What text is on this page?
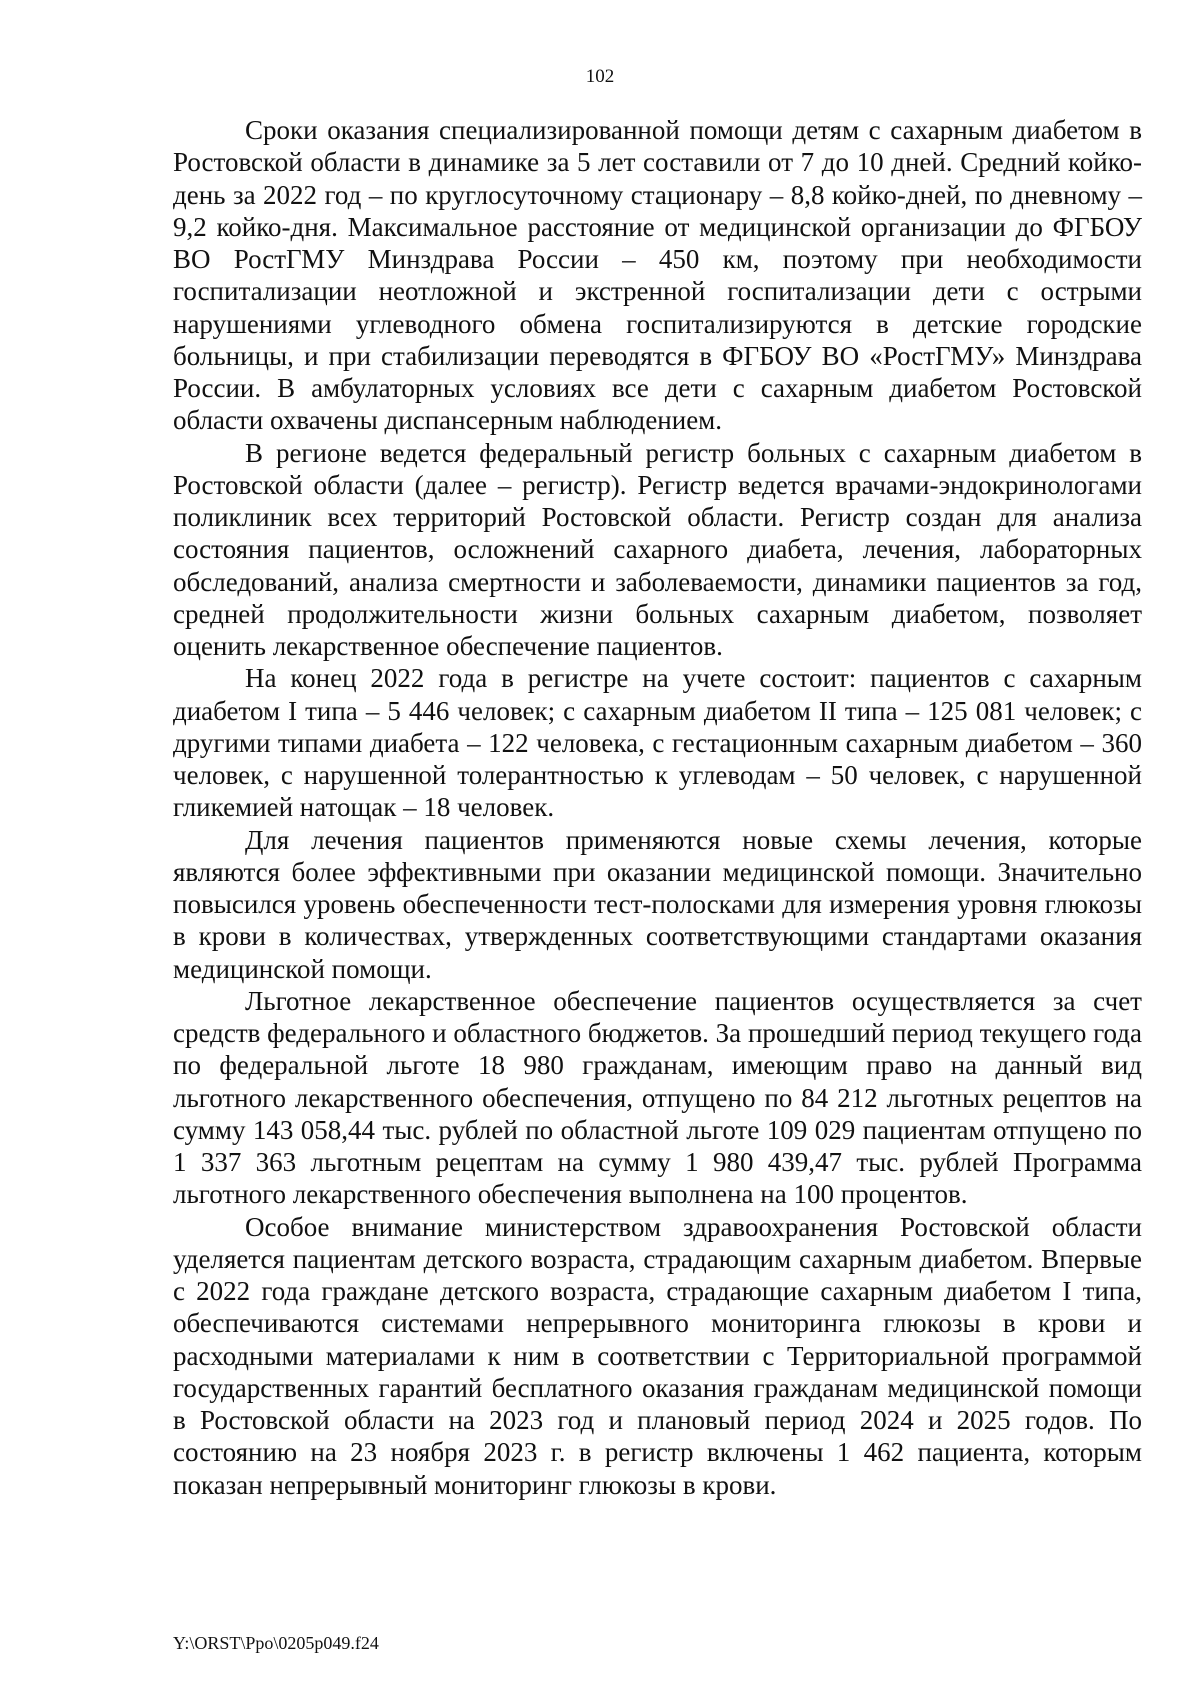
102

Сроки оказания специализированной помощи детям с сахарным диабетом в Ростовской области в динамике за 5 лет составили от 7 до 10 дней. Средний койко-день за 2022 год – по круглосуточному стационару – 8,8 койко-дней, по дневному – 9,2 койко-дня. Максимальное расстояние от медицинской организации до ФГБОУ ВО РостГМУ Минздрава России – 450 км, поэтому при необходимости госпитализации неотложной и экстренной госпитализации дети с острыми нарушениями углеводного обмена госпитализируются в детские городские больницы, и при стабилизации переводятся в ФГБОУ ВО «РостГМУ» Минздрава России. В амбулаторных условиях все дети с сахарным диабетом Ростовской области охвачены диспансерным наблюдением.

В регионе ведется федеральный регистр больных с сахарным диабетом в Ростовской области (далее – регистр). Регистр ведется врачами-эндокринологами поликлиник всех территорий Ростовской области. Регистр создан для анализа состояния пациентов, осложнений сахарного диабета, лечения, лабораторных обследований, анализа смертности и заболеваемости, динамики пациентов за год, средней продолжительности жизни больных сахарным диабетом, позволяет оценить лекарственное обеспечение пациентов.

На конец 2022 года в регистре на учете состоит: пациентов с сахарным диабетом I типа – 5 446 человек; с сахарным диабетом II типа – 125 081 человек; с другими типами диабета – 122 человека, с гестационным сахарным диабетом – 360 человек, с нарушенной толерантностью к углеводам – 50 человек, с нарушенной гликемией натощак – 18 человек.

Для лечения пациентов применяются новые схемы лечения, которые являются более эффективными при оказании медицинской помощи. Значительно повысился уровень обеспеченности тест-полосками для измерения уровня глюкозы в крови в количествах, утвержденных соответствующими стандартами оказания медицинской помощи.

Льготное лекарственное обеспечение пациентов осуществляется за счет средств федерального и областного бюджетов. За прошедший период текущего года по федеральной льготе 18 980 гражданам, имеющим право на данный вид льготного лекарственного обеспечения, отпущено по 84 212 льготных рецептов на сумму 143 058,44 тыс. рублей по областной льготе 109 029 пациентам отпущено по 1 337 363 льготным рецептам на сумму 1 980 439,47 тыс. рублей Программа льготного лекарственного обеспечения выполнена на 100 процентов.

Особое внимание министерством здравоохранения Ростовской области уделяется пациентам детского возраста, страдающим сахарным диабетом. Впервые с 2022 года граждане детского возраста, страдающие сахарным диабетом I типа, обеспечиваются системами непрерывного мониторинга глюкозы в крови и расходными материалами к ним в соответствии с Территориальной программой государственных гарантий бесплатного оказания гражданам медицинской помощи в Ростовской области на 2023 год и плановый период 2024 и 2025 годов. По состоянию на 23 ноября 2023 г. в регистр включены 1 462 пациента, которым показан непрерывный мониторинг глюкозы в крови.

Y:\ORST\Ppo\0205p049.f24
